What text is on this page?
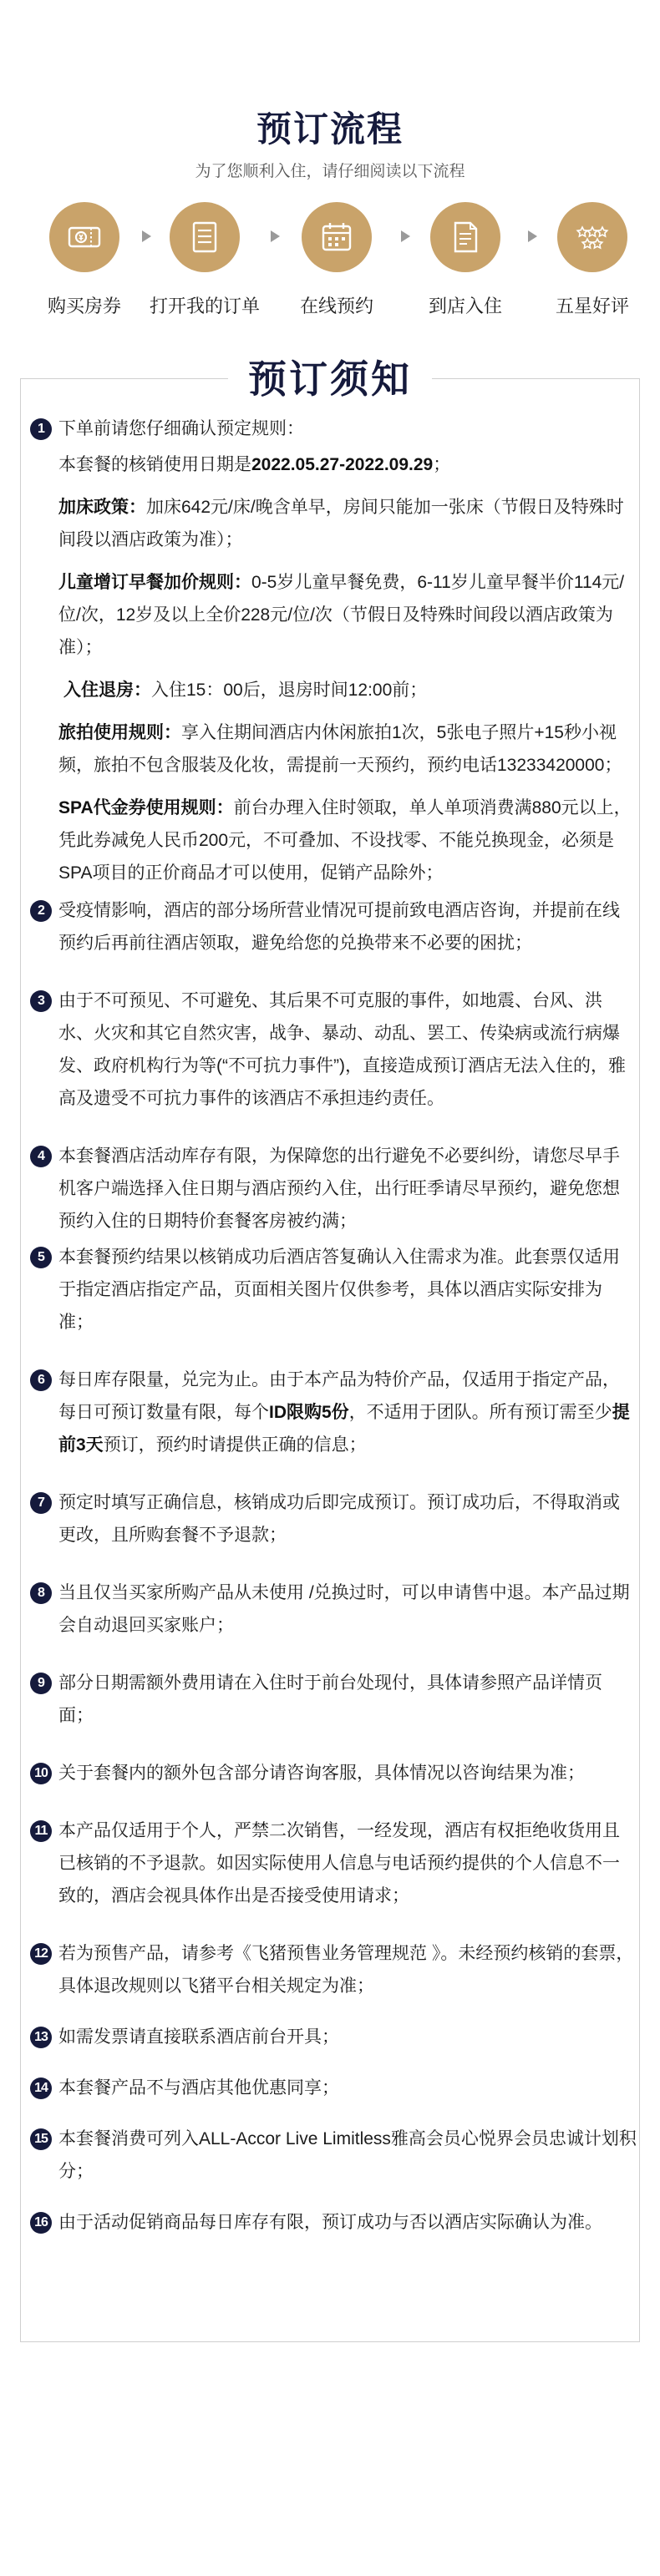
预订流程
为了您顺利入住，请仔细阅读以下流程
购买房券	打开我的订单	在线预约	到店入住	五星好评
预订须知
1 下单前请您仔细确认预定规则：

本套餐的核销使用日期是2022.05.27-2022.09.29；

加床政策：加床642元/床/晚含单早，房间只能加一张床（节假日及特殊时间段以酒店政策为准）；

儿童增订早餐加价规则：0-5岁儿童早餐免费，6-11岁儿童早餐半价114元/位/次，12岁及以上全价228元/位/次（节假日及特殊时间段以酒店政策为准）；

入住退房：入住15：00后，退房时间12:00前；

旅拍使用规则：享入住期间酒店内休闲旅拍1次，5张电子照片+15秒小视频，旅拍不包含服装及化妆，需提前一天预约，预约电话13233420000；

SPA代金券使用规则：前台办理入住时领取，单人单项消费满880元以上，凭此券减免人民币200元，不可叠加、不设找零、不能兑换现金，必须是SPA项目的正价商品才可以使用，促销产品除外；

2 受疫情影响，酒店的部分场所营业情况可提前致电酒店咨询，并提前在线预约后再前往酒店领取，避免给您的兑换带来不必要的困扰；

3 由于不可预见、不可避免、其后果不可克服的事件，如地震、台风、洪水、火灾和其它自然灾害，战争、暴动、动乱、罢工、传染病或流行病爆发、政府机构行为等(“不可抗力事件”)，直接造成预订酒店无法入住的，雅高及遗受不可抗力事件的该酒店不承担违约责任。

4 本套餐酒店活动库存有限，为保障您的出行避免不必要纠纷，请您尽早手机客户端选择入住日期与酒店预约入住，出行旺季请尽早预约，避免您想预约入住的日期特价套餐客房被约满；

5 本套餐预约结果以核销成功后酒店答复确认入住需求为准。此套票仅适用于指定酒店指定产品，页面相关图片仅供参考，具体以酒店实际安排为准；

6 每日库存限量，兑完为止。由于本产品为特价产品，仅适用于指定产品，每日可预订数量有限，每个ID限购5份，不适用于团队。所有预订需至少提前3天预订，预约时请提供正确的信息；

7 预定时填写正确信息，核销成功后即完成预订。预订成功后，不得取消或更改，且所购套餐不予退款；

8 当且仅当买家所购产品从未使用 /兑换过时，可以申请售中退。本产品过期会自动退回买家账户；

9 部分日期需额外费用请在入住时于前台处现付，具体请参照产品详情页面；

10 关于套餐内的额外包含部分请咨询客服，具体情况以咨询结果为准；

11 本产品仅适用于个人，严禁二次销售，一经发现，酒店有权拒绝收货用且已核销的不予退款。如因实际使用人信息与电话预约提供的个人信息不一致的，酒店会视具体作出是否接受使用请求；

12 若为预售产品，请参考《飞猪预售业务管理规范 》。未经预约核销的套票，具体退改规则以飞猪平台相关规定为准；

13 如需发票请直接联系酒店前台开具；

14 本套餐产品不与酒店其他优惠同享；

15 本套餐消费可列入ALL-Accor Live Limitless雅高会员心悦界会员忠诚计划积分；

16 由于活动促销商品每日库存有限，预订成功与否以酒店实际确认为准。
